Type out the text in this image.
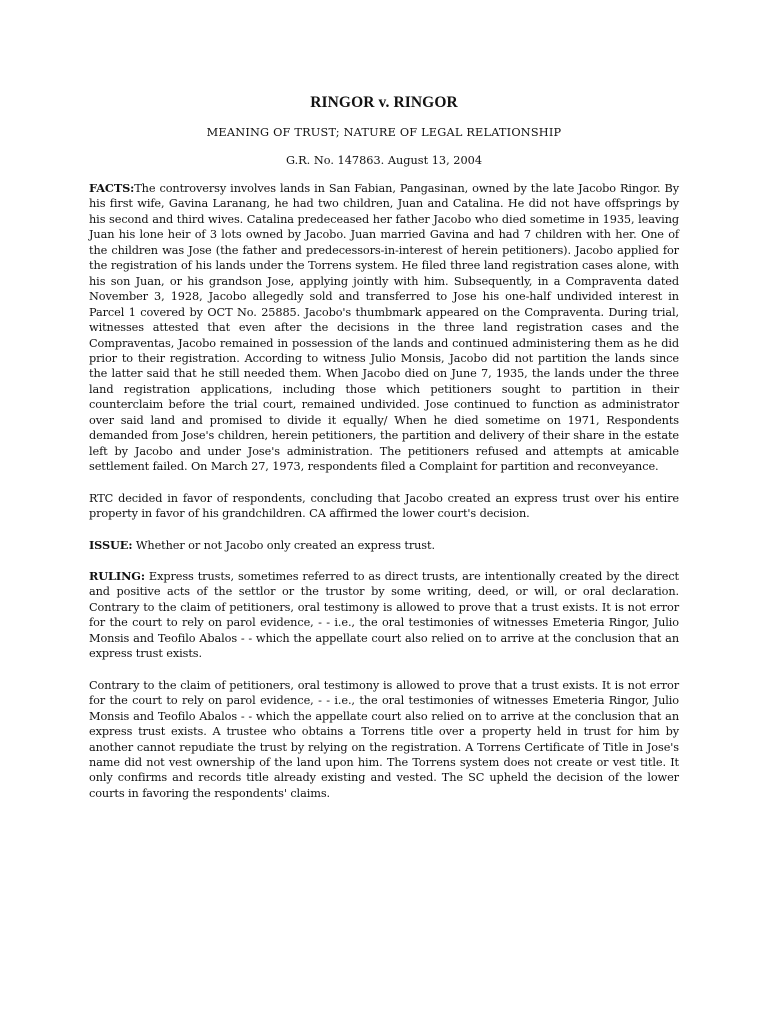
RINGOR v. RINGOR
MEANING OF TRUST; NATURE OF LEGAL RELATIONSHIP
G.R. No. 147863. August 13, 2004

FACTS:The controversy involves lands in San Fabian, Pangasinan, owned by the late Jacobo Ringor. By his first wife, Gavina Laranang, he had two children, Juan and Catalina. He did not have offsprings by his second and third wives. Catalina predeceased her father Jacobo who died sometime in 1935, leaving Juan his lone heir of 3 lots owned by Jacobo. Juan married Gavina and had 7 children with her. One of the children was Jose (the father and predecessors-in-interest of herein petitioners). Jacobo applied for the registration of his lands under the Torrens system. He filed three land registration cases alone, with his son Juan, or his grandson Jose, applying jointly with him. Subsequently, in a Compraventa dated November 3, 1928, Jacobo allegedly sold and transferred to Jose his one-half undivided interest in Parcel 1 covered by OCT No. 25885. Jacobo's thumbmark appeared on the Compraventa. During trial, witnesses attested that even after the decisions in the three land registration cases and the Compraventas, Jacobo remained in possession of the lands and continued administering them as he did prior to their registration. According to witness Julio Monsis, Jacobo did not partition the lands since the latter said that he still needed them. When Jacobo died on June 7, 1935, the lands under the three land registration applications, including those which petitioners sought to partition in their counterclaim before the trial court, remained undivided. Jose continued to function as administrator over said land and promised to divide it equally/ When he died sometime on 1971, Respondents demanded from Jose's children, herein petitioners, the partition and delivery of their share in the estate left by Jacobo and under Jose's administration. The petitioners refused and attempts at amicable settlement failed. On March 27, 1973, respondents filed a Complaint for partition and reconveyance.

RTC decided in favor of respondents, concluding that Jacobo created an express trust over his entire property in favor of his grandchildren. CA affirmed the lower court's decision.

ISSUE: Whether or not Jacobo only created an express trust.

RULING: Express trusts, sometimes referred to as direct trusts, are intentionally created by the direct and positive acts of the settlor or the trustor by some writing, deed, or will, or oral declaration. Contrary to the claim of petitioners, oral testimony is allowed to prove that a trust exists. It is not error for the court to rely on parol evidence, - - i.e., the oral testimonies of witnesses Emeteria Ringor, Julio Monsis and Teofilo Abalos - - which the appellate court also relied on to arrive at the conclusion that an express trust exists.

Contrary to the claim of petitioners, oral testimony is allowed to prove that a trust exists. It is not error for the court to rely on parol evidence, - - i.e., the oral testimonies of witnesses Emeteria Ringor, Julio Monsis and Teofilo Abalos - - which the appellate court also relied on to arrive at the conclusion that an express trust exists. A trustee who obtains a Torrens title over a property held in trust for him by another cannot repudiate the trust by relying on the registration. A Torrens Certificate of Title in Jose's name did not vest ownership of the land upon him. The Torrens system does not create or vest title. It only confirms and records title already existing and vested. The SC upheld the decision of the lower courts in favoring the respondents' claims.
